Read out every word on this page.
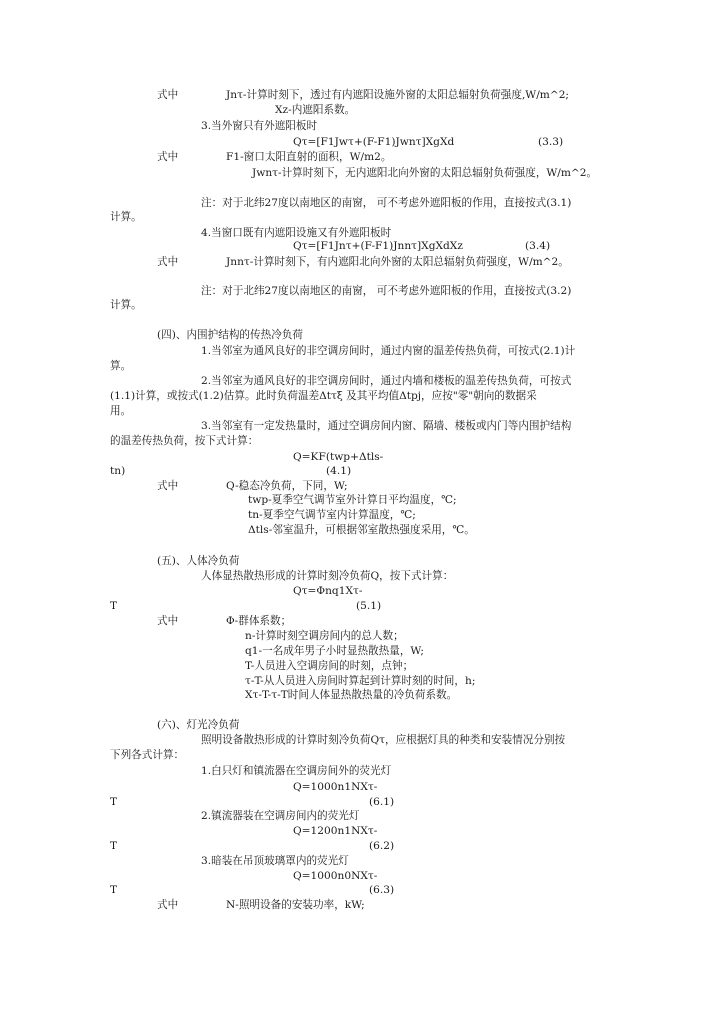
式中	Jnτ-计算时刻下，透过有内遮阳设施外窗的太阳总辐射负荷强度,W/m^2;
Xz-内遮阳系数。
3.当外窗只有外遮阳板时
Qτ=[F1Jwτ+(F-F1)Jwnτ]XgXd	(3.3)
式中	F1-窗口太阳直射的面积，W/m2。
Jwnτ-计算时刻下，无内遮阳北向外窗的太阳总辐射负荷强度，W/m^2。
注：对于北纬27度以南地区的南窗， 可不考虑外遮阳板的作用，直接按式(3.1)
计算。
4.当窗口既有内遮阳设施又有外遮阳板时
Qτ=[F1Jnτ+(F-F1)Jnnτ]XgXdXz	(3.4)
式中	Jnnτ-计算时刻下，有内遮阳北向外窗的太阳总辐射负荷强度，W/m^2。
注：对于北纬27度以南地区的南窗， 可不考虑外遮阳板的作用，直接按式(3.2)
计算。
(四)、内围护结构的传热冷负荷
1.当邻室为通风良好的非空调房间时，通过内窗的温差传热负荷，可按式(2.1)计
算。
2.当邻室为通风良好的非空调房间时，通过内墙和楼板的温差传热负荷，可按式
(1.1)计算，或按式(1.2)估算。此时负荷温差Δtτξ 及其平均值Δtpj，应按"零"朝向的数据采
用。
3.当邻室有一定发热量时，通过空调房间内窗、隔墙、楼板或内门等内围护结构
的温差传热负荷，按下式计算：
Q=KF(twp+Δtls-
tn)	(4.1)
式中	Q-稳态冷负荷，下同，W;
twp-夏季空气调节室外计算日平均温度，℃;
tn-夏季空气调节室内计算温度，℃;
Δtls-邻室温升，可根据邻室散热强度采用，℃。
(五)、人体冷负荷
人体显热散热形成的计算时刻冷负荷Q，按下式计算：
Qτ=Φnq1Xτ-
T	(5.1)
式中	Φ-群体系数；
n-计算时刻空调房间内的总人数；
q1-一名成年男子小时显热散热量，W;
T-人员进入空调房间的时刻，点钟；
τ-T-从人员进入房间时算起到计算时刻的时间，h;
Xτ-T-τ-T时间人体显热散热量的冷负荷系数。
(六)、灯光冷负荷
照明设备散热形成的计算时刻冷负荷Qτ，应根据灯具的种类和安装情况分别按
下列各式计算：
1.白只灯和镇流器在空调房间外的荧光灯
Q=1000n1NXτ-
T	(6.1)
2.镇流器装在空调房间内的荧光灯
Q=1200n1NXτ-
T	(6.2)
3.暗装在吊顶玻璃罩内的荧光灯
Q=1000n0NXτ-
T	(6.3)
式中	N-照明设备的安装功率，kW;
